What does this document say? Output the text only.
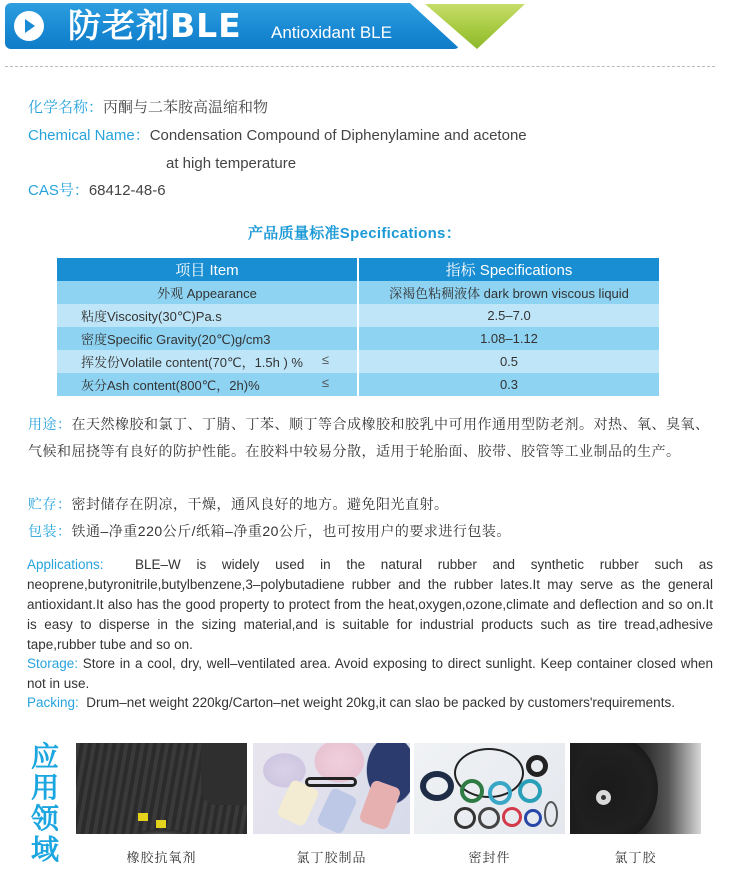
防老剂BLE Antioxidant BLE
化学名称：丙酮与二苯胺高温缩和物
Chemical Name：Condensation Compound of Diphenylamine and acetone
at high temperature
CAS号：68412-48-6
产品质量标准Specifications：
项目 Item	指标 Specifications
外观 Appearance	深褐色粘稠液体 dark brown viscous liquid
粘度Viscosity(30℃)Pa.s	2.5–7.0
密度Specific Gravity(20℃)g/cm3	1.08–1.12
挥发份Volatile content(70℃，1.5h ) % ≤	0.5
灰分Ash content(800℃，2h)% ≤	0.3
用途：在天然橡胶和氯丁、丁腈、丁苯、顺丁等合成橡胶和胶乳中可用作通用型防老剂。对热、氧、臭氧、气候和屈挠等有良好的防护性能。在胶料中较易分散，适用于轮胎面、胶带、胶管等工业制品的生产。
贮存：密封储存在阴凉，干燥，通风良好的地方。避免阳光直射。
包装：铁通–净重220公斤/纸箱–净重20公斤，也可按用户的要求进行包装。
Applications: BLE–W is widely used in the natural rubber and synthetic rubber such as neoprene,butyronitrile,butylbenzene,3–polybutadiene rubber and the rubber lates.It may serve as the general antioxidant.It also has the good property to protect from the heat,oxygen,ozone,climate and deflection and so on.It is easy to disperse in the sizing material,and is suitable for industrial products such as tire tread,adhesive tape,rubber tube and so on.
Storage: Store in a cool, dry, well–ventilated area. Avoid exposing to direct sunlight. Keep container closed when not in use.
Packing: Drum–net weight 220kg/Carton–net weight 20kg,it can slao be packed by customers'requirements.
应
用
领
域	橡胶抗氧剂	氯丁胶制品	密封件	氯丁胶
